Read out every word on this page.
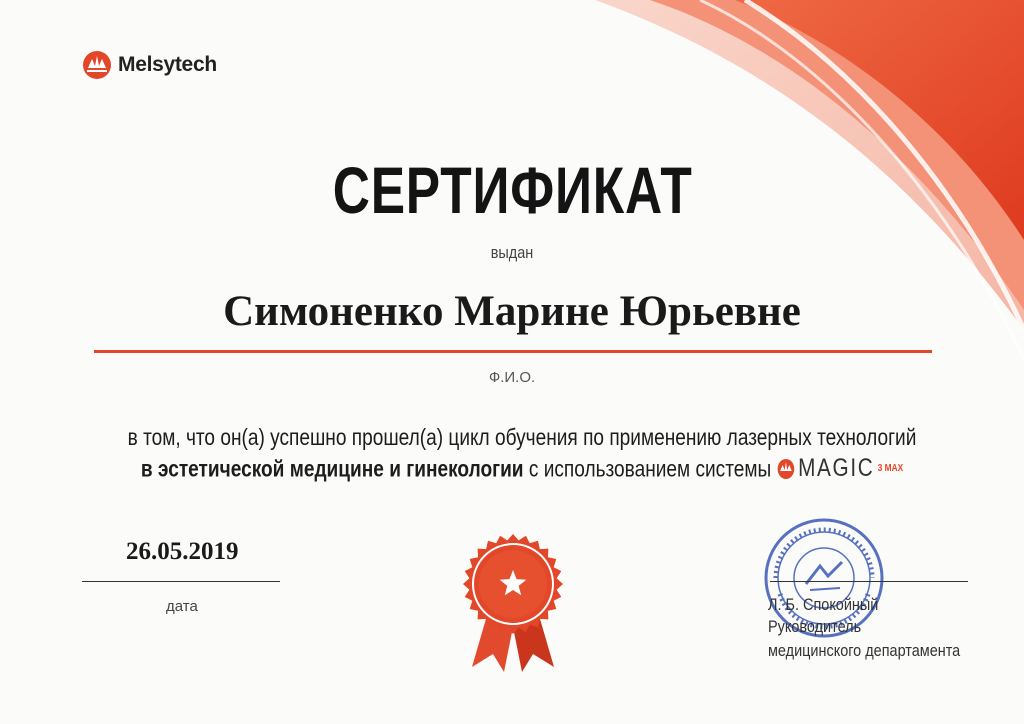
Melsytech
СЕРТИФИКАТ
выдан
Симоненко Марине Юрьевне
Ф.И.О.
в том, что он(а) успешно прошел(а) цикл обучения по применению лазерных технологий
в эстетической медицине и гинекологии с использованием системы MAGIC 3 MAX
26.05.2019
дата	Л. Б. Спокойный
Руководитель
медицинского департамента
